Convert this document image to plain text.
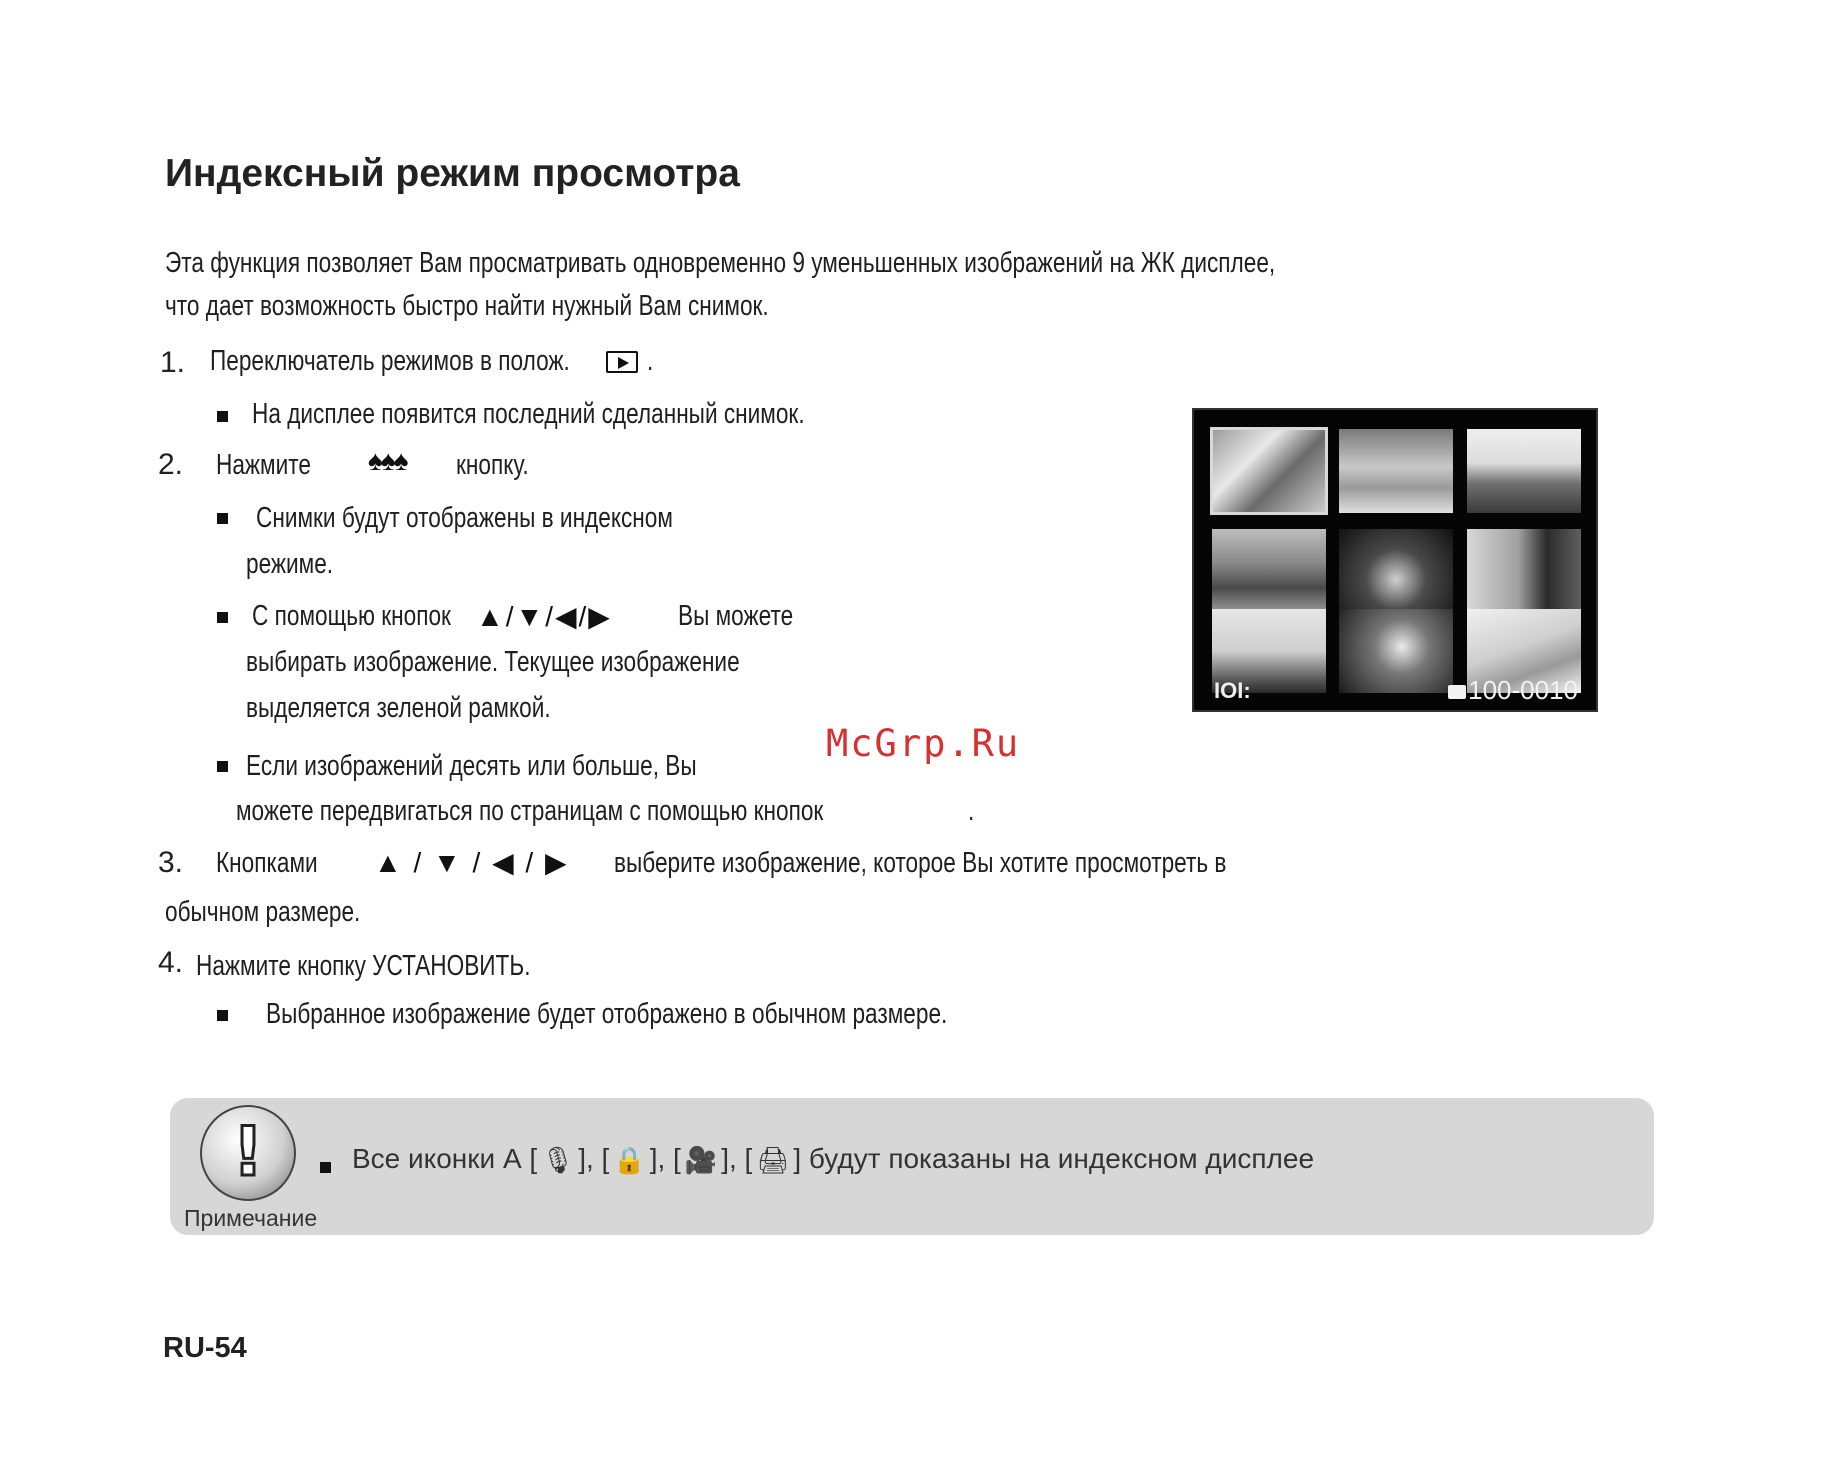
Индексный режим просмотра
Эта функция позволяет Вам просматривать одновременно 9 уменьшенных изображений на ЖК дисплее,
что дает возможность быстро найти нужный Вам снимок.
1. Переключатель режимов в полож.	.
На дисплее появится последний сделанный снимок.
2. Нажмите ♠♠♠ кнопку.
Снимки будут отображены в индексном
режиме.
С помощью кнопок ▲/▼/◀/▶ Вы можете
выбирать изображение. Текущее изображение
выделяется зеленой рамкой.
Если изображений десять или больше, Вы
можете передвигаться по страницам с помощью кнопок	.
3. Кнопками ▲ / ▼ / ◀ / ▶ выберите изображение, которое Вы хотите просмотреть в
обычном размере.
4. Нажмите кнопку УСТАНОВИТЬ.
Выбранное изображение будет отображено в обычном размере.
IOI:	100-0010
McGrp.Ru
!
Примечание
Все иконки А [ 🎙 ], [ 🔒 ], [ 🎥 ], [ 🖨 ] будут показаны на индексном дисплее
RU-54
